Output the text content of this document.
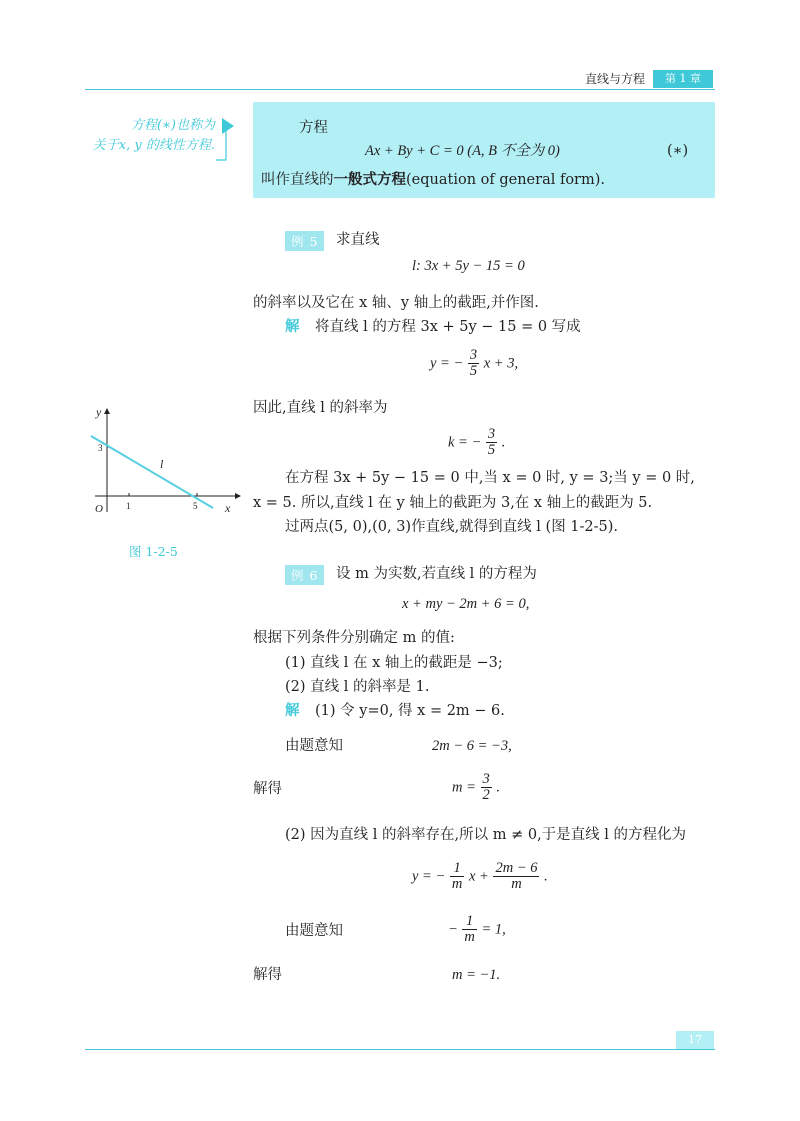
直线与方程	第 1 章
方程(∗)也称为
关于x, y 的线性方程.
方程
Ax + By + C = 0 (A, B 不全为 0)	(∗)
叫作直线的一般式方程(equation of general form).
例 5	求直线
l: 3x + 5y − 15 = 0
的斜率以及它在 x 轴、y 轴上的截距,并作图.
解 将直线 l 的方程 3x + 5y − 15 = 0 写成
y = − $\frac{3}{5}$ x + 3,
因此,直线 l 的斜率为
k = − $\frac{3}{5}$ .
在方程 3x + 5y − 15 = 0 中,当 x = 0 时, y = 3;当 y = 0 时,
x = 5. 所以,直线 l 在 y 轴上的截距为 3,在 x 轴上的截距为 5.
过两点(5, 0),(0, 3)作直线,就得到直线 l (图 1-2-5).
y
x
O	1	5
3
l
图 1-2-5
例 6	设 m 为实数,若直线 l 的方程为
x + my − 2m + 6 = 0,
根据下列条件分别确定 m 的值:
(1) 直线 l 在 x 轴上的截距是 −3;
(2) 直线 l 的斜率是 1.
解 (1) 令 y=0, 得 x = 2m − 6.
由题意知	2m − 6 = −3,
解得	$m = \frac{3}{2}$ .
(2) 因为直线 l 的斜率存在,所以 m ≠ 0,于是直线 l 的方程化为
y = − $\frac{1}{m}$ $x + \frac{2m - 6}{m}$ .
由题意知	− $\frac{1}{m} = 1$,
解得	m = −1.
17
